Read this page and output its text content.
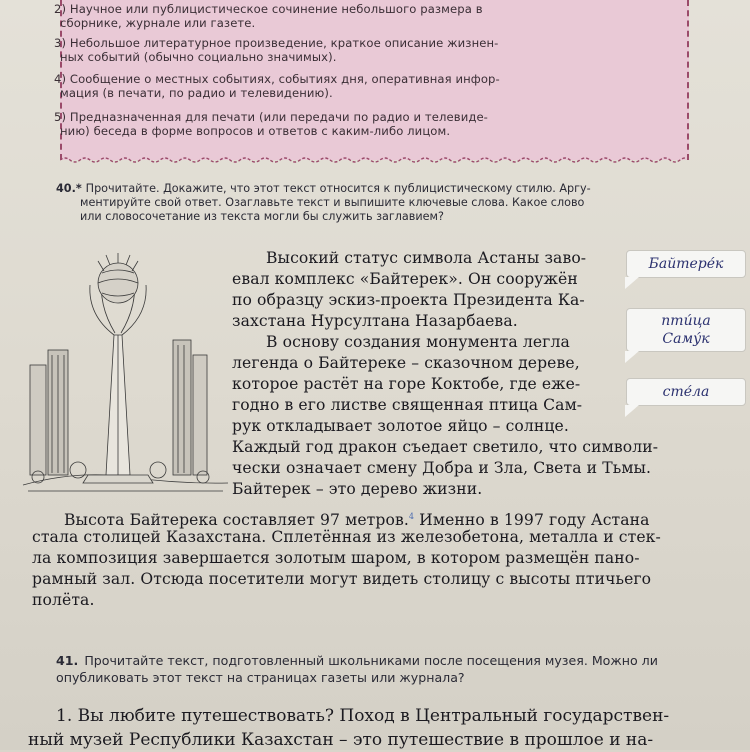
2) Научное или публицистическое сочинение небольшого размера в
сборнике, журнале или газете.
3) Небольшое литературное произведение, краткое описание жизнен-
ных событий (обычно социально значимых).
4) Сообщение о местных событиях, событиях дня, оперативная инфор-
мация (в печати, по радио и телевидению).
5) Предназначенная для печати (или передачи по радио и телевиде-
нию) беседа в форме вопросов и ответов с каким-либо лицом.
40.* Прочитайте. Докажите, что этот текст относится к публицистическому стилю. Аргу-
ментируйте свой ответ. Озаглавьте текст и выпишите ключевые слова. Какое слово
или словосочетание из текста могли бы служить заглавием?
Высокий статус символа Астаны заво-
евал комплекс «Байтерек». Он сооружён
по образцу эскиз-проекта Президента Ка-
захстана Нурсултана Назарбаева.
В основу создания монумента легла
легенда о Байтереке – сказочном дереве,
которое растёт на горе Коктобе, где еже-
годно в его листве священная птица Сам-
рук откладывает золотое яйцо – солнце.
Каждый год дракон съедает светило, что символи-
чески означает смену Добра и Зла, Света и Тьмы.
Байтерек – это дерево жизни.
Высота Байтерека составляет 97 метров.$^4$ Именно в 1997 году Астана
стала столицей Казахстана. Сплетённая из железобетона, металла и стек-
ла композиция завершается золотым шаром, в котором размещён пано-
рамный зал. Отсюда посетители могут видеть столицу с высоты птичьего
полёта.
Байтере́к
пти́ца
Саму́к
сте́ла
41. Прочитайте текст, подготовленный школьниками после посещения музея. Можно ли
опубликовать этот текст на страницах газеты или журнала?
1. Вы любите путешествовать? Поход в Центральный государствен-
ный музей Республики Казахстан – это путешествие в прошлое и на-
